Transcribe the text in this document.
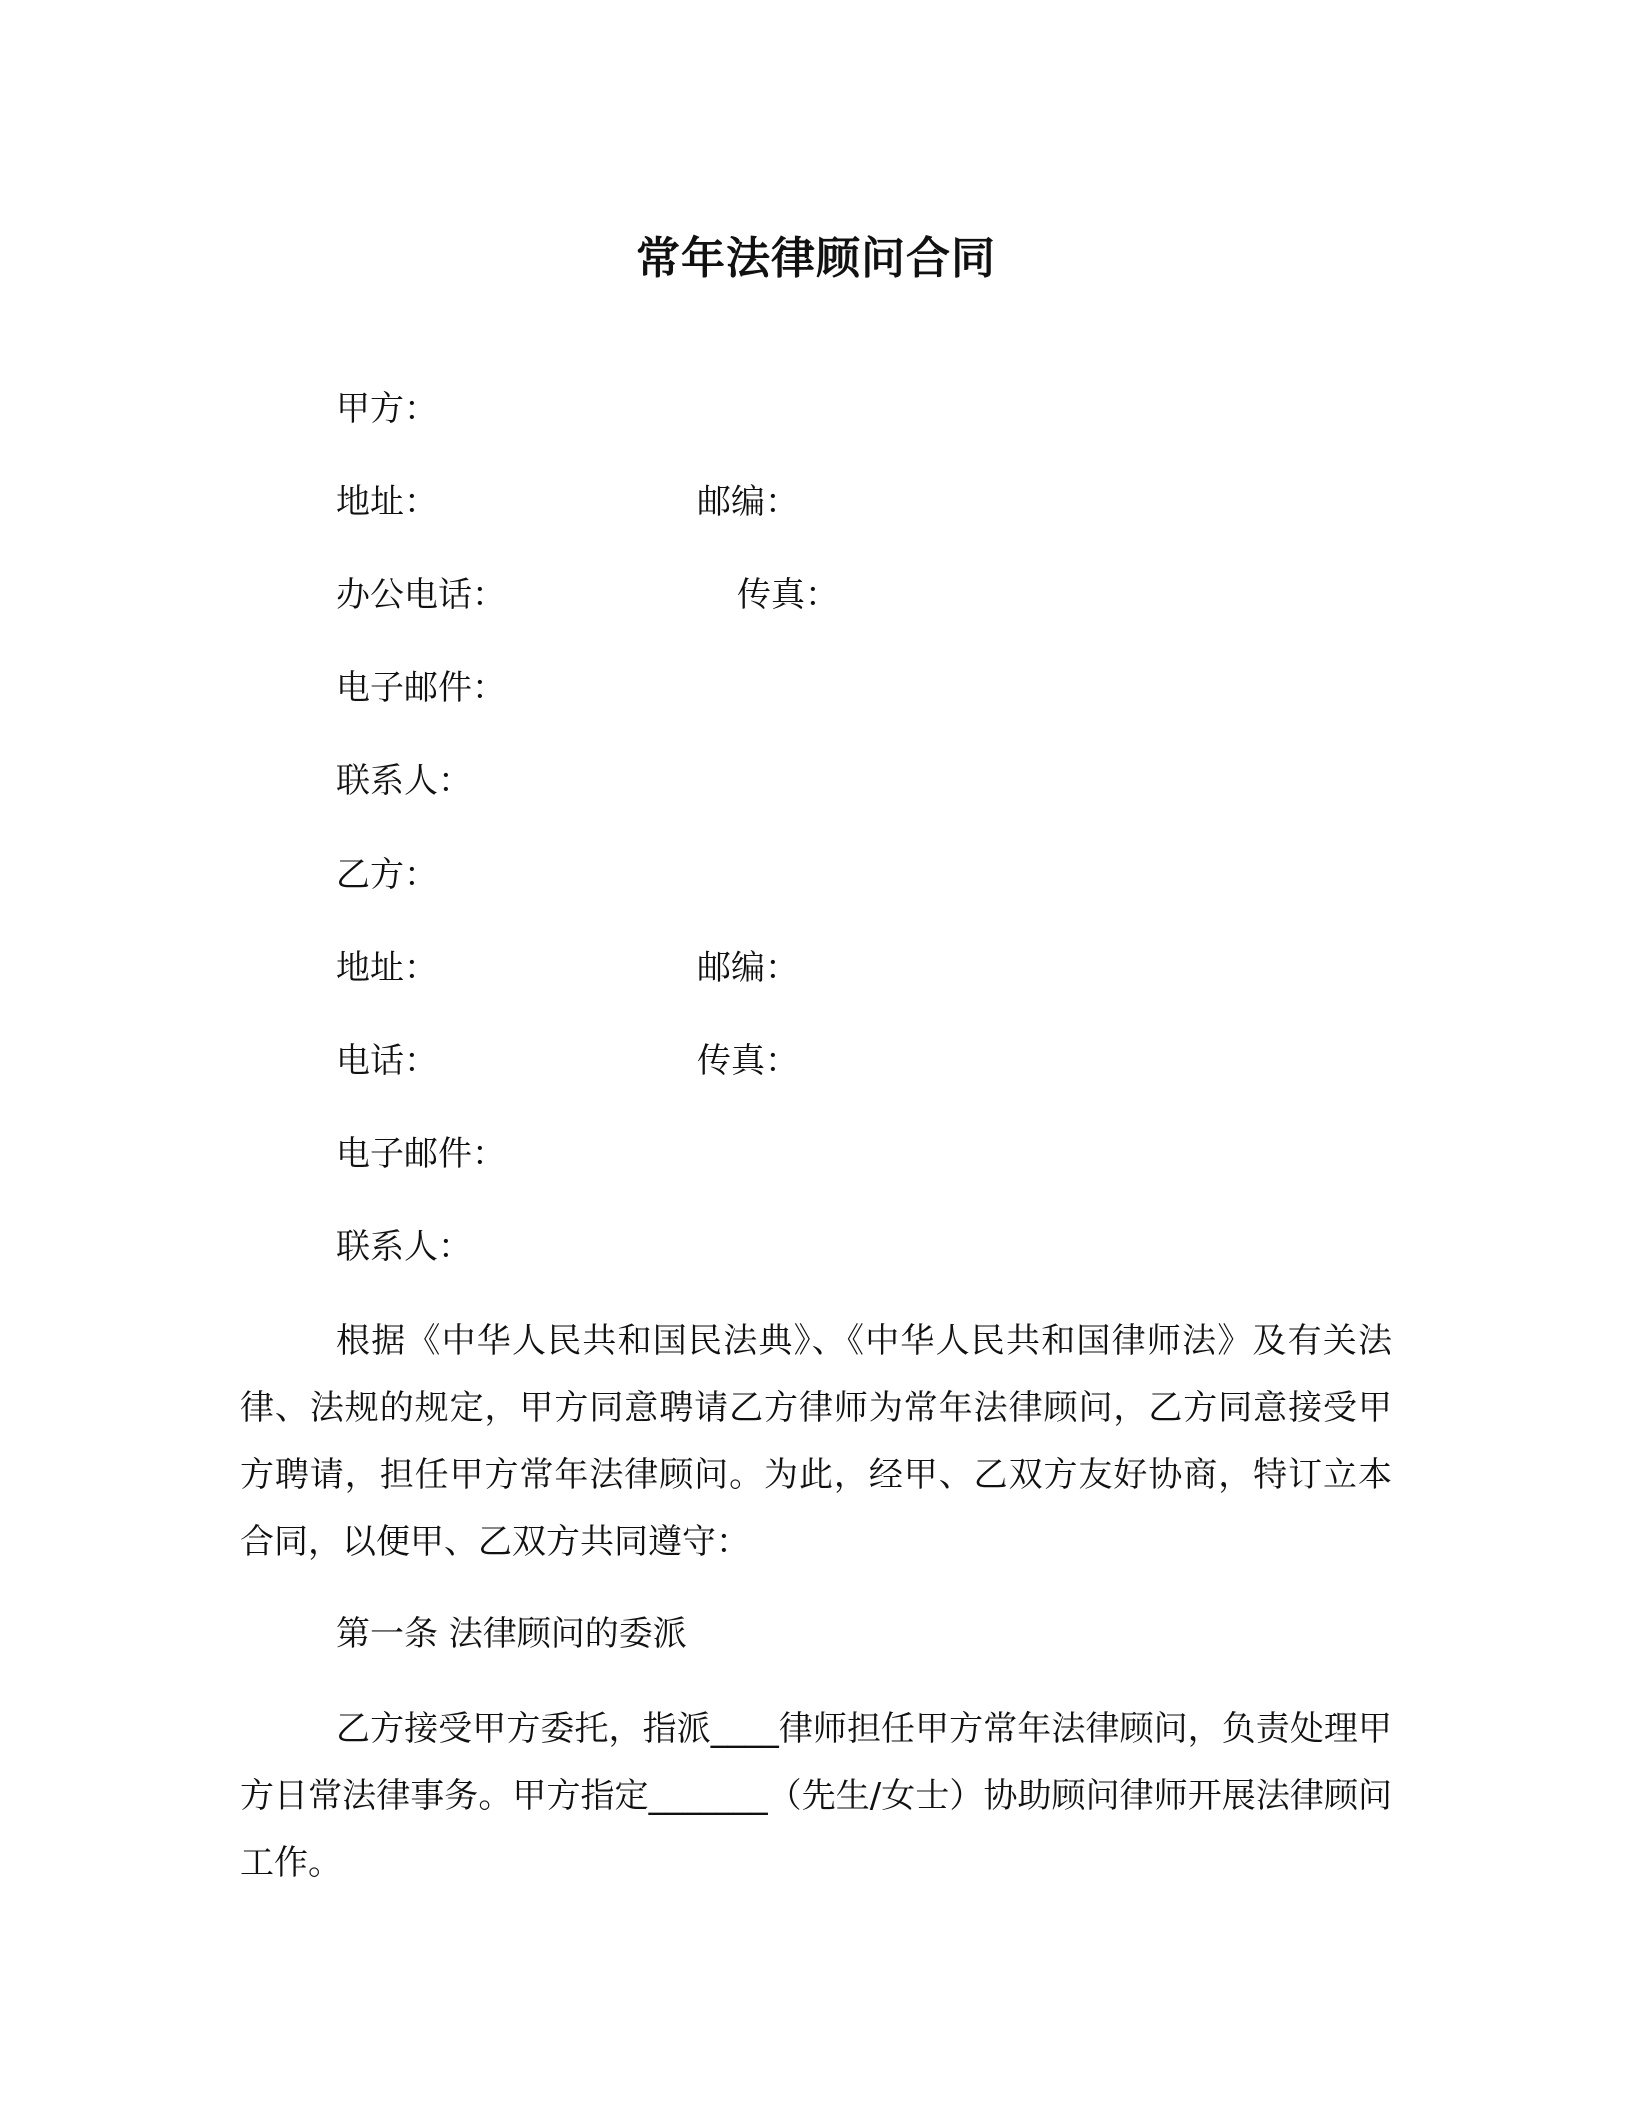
常年法律顾问合同
甲方：
地址：	邮编：
办公电话：	传真：
电子邮件：
联系人：
乙方：
地址：	邮编：
电话：	传真：
电子邮件：
联系人：
根据《中华人民共和国民法典》、《中华人民共和国律师法》及有关法律、法规的规定，甲方同意聘请乙方律师为常年法律顾问，乙方同意接受甲方聘请，担任甲方常年法律顾问。为此，经甲、乙双方友好协商，特订立本合同，以便甲、乙双方共同遵守：
第一条 法律顾问的委派
乙方接受甲方委托，指派____律师担任甲方常年法律顾问，负责处理甲方日常法律事务。甲方指定_______（先生/女士）协助顾问律师开展法律顾问工作。
